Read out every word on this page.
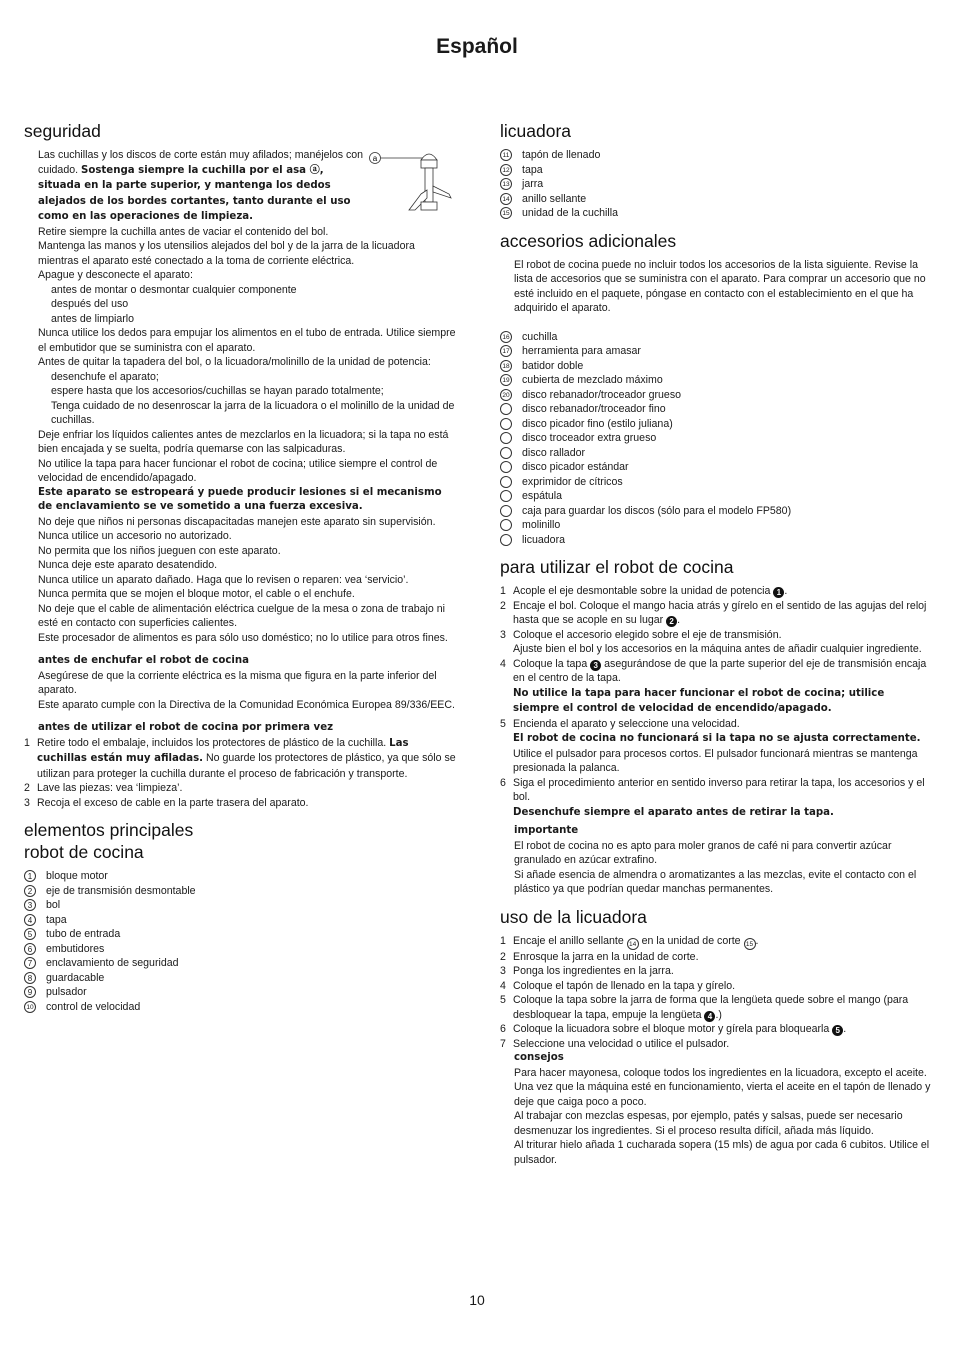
Español
seguridad
a
Las cuchillas y los discos de corte están muy afilados; manéjelos con cuidado. Sostenga siempre la cuchilla por el asa ⓐ, situada en la parte superior, y mantenga los dedos alejados de los bordes cortantes, tanto durante el uso como en las operaciones de limpieza.

Retire siempre la cuchilla antes de vaciar el contenido del bol.

Mantenga las manos y los utensilios alejados del bol y de la jarra de la licuadora mientras el aparato esté conectado a la toma de corriente eléctrica.

Apague y desconecte el aparato:

antes de montar o desmontar cualquier componente

después del uso

antes de limpiarlo

Nunca utilice los dedos para empujar los alimentos en el tubo de entrada. Utilice siempre el embutidor que se suministra con el aparato.

Antes de quitar la tapadera del bol, o la licuadora/molinillo de la unidad de potencia:

desenchufe el aparato;

espere hasta que los accesorios/cuchillas se hayan parado totalmente;

Tenga cuidado de no desenroscar la jarra de la licuadora o el molinillo de la unidad de cuchillas.

Deje enfriar los líquidos calientes antes de mezclarlos en la licuadora; si la tapa no está bien encajada y se suelta, podría quemarse con las salpicaduras.

No utilice la tapa para hacer funcionar el robot de cocina; utilice siempre el control de velocidad de encendido/apagado.

Este aparato se estropeará y puede producir lesiones si el mecanismo de enclavamiento se ve sometido a una fuerza excesiva.

No deje que niños ni personas discapacitadas manejen este aparato sin supervisión.

Nunca utilice un accesorio no autorizado.

No permita que los niños jueguen con este aparato.

Nunca deje este aparato desatendido.

Nunca utilice un aparato dañado. Haga que lo revisen o reparen: vea ‘servicio’.

Nunca permita que se mojen el bloque motor, el cable o el enchufe.

No deje que el cable de alimentación eléctrica cuelgue de la mesa o zona de trabajo ni esté en contacto con superficies calientes.

Este procesador de alimentos es para sólo uso doméstico; no lo utilice para otros fines.

antes de enchufar el robot de cocina

Asegúrese de que la corriente eléctrica es la misma que figura en la parte inferior del aparato.

Este aparato cumple con la Directiva de la Comunidad Económica Europea 89/336/EEC.

antes de utilizar el robot de cocina por primera vez

1 Retire todo el embalaje, incluidos los protectores de plástico de la cuchilla. Las cuchillas están muy afiladas. No guarde los protectores de plástico, ya que sólo se utilizan para proteger la cuchilla durante el proceso de fabricación y transporte.
2 Lave las piezas: vea ‘limpieza’.
3 Recoja el exceso de cable en la parte trasera del aparato.
elementos principales
robot de cocina
1	bloque motor
2	eje de transmisión desmontable
3	bol
4	tapa
5	tubo de entrada
6	embutidores
7	enclavamiento de seguridad
8	guardacable
9	pulsador
10 control de velocidad
licuadora
11 tapón de llenado
12 tapa
13 jarra
14 anillo sellante
15 unidad de la cuchilla
accesorios adicionales

El robot de cocina puede no incluir todos los accesorios de la lista siguiente. Revise la lista de accesorios que se suministra con el aparato. Para comprar un accesorio que no esté incluido en el paquete, póngase en contacto con el establecimiento en el que ha adquirido el aparato.

16 cuchilla
17 herramienta para amasar
18 batidor doble
19 cubierta de mezclado máximo
20 disco rebanador/troceador grueso
disco rebanador/troceador fino
disco picador fino (estilo juliana)
disco troceador extra grueso
disco rallador
disco picador estándar
exprimidor de cítricos
espátula
caja para guardar los discos (sólo para el modelo FP580)
molinillo
licuadora
para utilizar el robot de cocina
1 Acople el eje desmontable sobre la unidad de potencia 1 .
2 Encaje el bol. Coloque el mango hacia atrás y gírelo en el sentido de las agujas del reloj hasta que se acople en su lugar 2 .
3 Coloque el accesorio elegido sobre el eje de transmisión.
Ajuste bien el bol y los accesorios en la máquina antes de añadir cualquier ingrediente.
4 Coloque la tapa 3 asegurándose de que la parte superior del eje de transmisión encaja en el centro de la tapa.
No utilice la tapa para hacer funcionar el robot de cocina; utilice siempre el control de velocidad de encendido/apagado.
5 Encienda el aparato y seleccione una velocidad.
El robot de cocina no funcionará si la tapa no se ajusta correctamente.
Utilice el pulsador para procesos cortos. El pulsador funcionará mientras se mantenga presionada la palanca.
6 Siga el procedimiento anterior en sentido inverso para retirar la tapa, los accesorios y el bol.
Desenchufe siempre el aparato antes de retirar la tapa.

importante

El robot de cocina no es apto para moler granos de café ni para convertir azúcar granulado en azúcar extrafino.

Si añade esencia de almendra o aromatizantes a las mezclas, evite el contacto con el plástico ya que podrían quedar manchas permanentes.

uso de la licuadora
1 Encaje el anillo sellante 14 en la unidad de corte 15 .
2 Enrosque la jarra en la unidad de corte.
3 Ponga los ingredientes en la jarra.
4 Coloque el tapón de llenado en la tapa y gírelo.
5 Coloque la tapa sobre la jarra de forma que la lengüeta quede sobre el mango (para desbloquear la tapa, empuje la lengüeta 4 .)
6 Coloque la licuadora sobre el bloque motor y gírela para bloquearla 5 .
7 Seleccione una velocidad o utilice el pulsador.

consejos

Para hacer mayonesa, coloque todos los ingredientes en la licuadora, excepto el aceite. Una vez que la máquina esté en funcionamiento, vierta el aceite en el tapón de llenado y deje que caiga poco a poco.

Al trabajar con mezclas espesas, por ejemplo, patés y salsas, puede ser necesario desmenuzar los ingredientes. Si el proceso resulta difícil, añada más líquido.

Al triturar hielo añada 1 cucharada sopera (15 mls) de agua por cada 6 cubitos. Utilice el pulsador.

10
